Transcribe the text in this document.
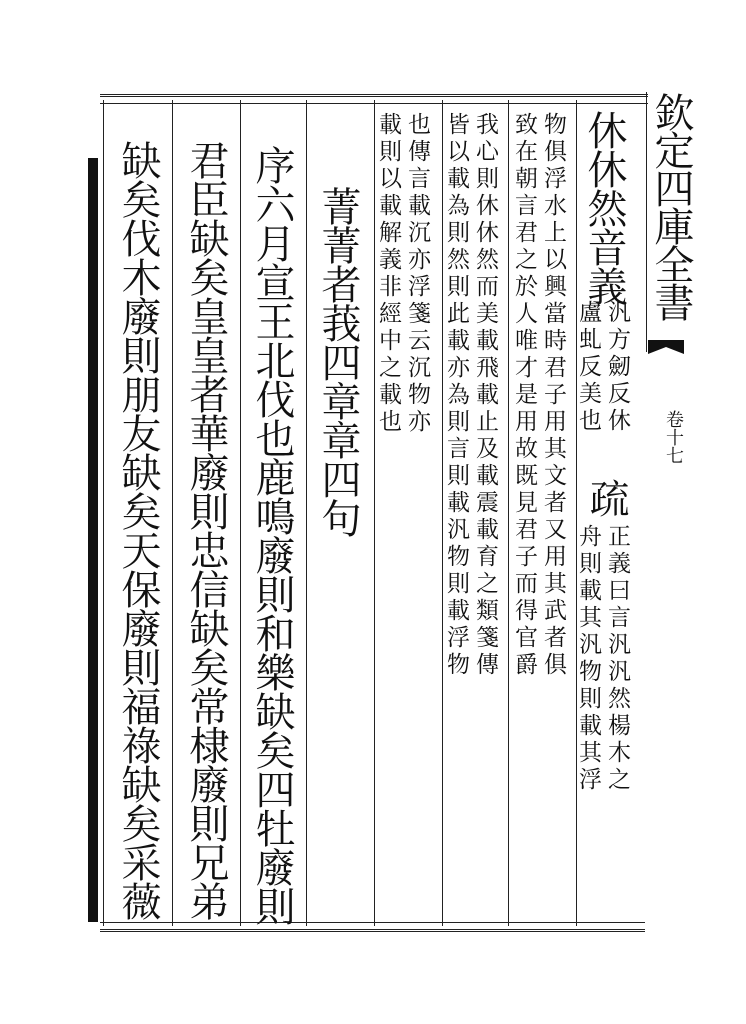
欽定四庫全書
卷十七
休休然音義
汎方劒反休
盧虬反美也
疏
正義曰言汎汎然楊木之
舟則載其汎物則載其浮
物俱浮水上以興當時君子用其文者又用其武者俱
致在朝言君之於人唯才是用故既見君子而得官爵
我心則休休然而美載飛載止及載震載育之類箋傳
皆以載為則然則此載亦為則言則載汎物則載浮物
也傳言載沉亦浮箋云沉物亦
載則以載解義非經中之載也
菁菁者莪四章章四句
序六月宣王北伐也鹿鳴廢則和樂缺矣四牡廢則
君臣缺矣皇皇者華廢則忠信缺矣常棣廢則兄弟
缺矣伐木廢則朋友缺矣天保廢則福祿缺矣采薇
